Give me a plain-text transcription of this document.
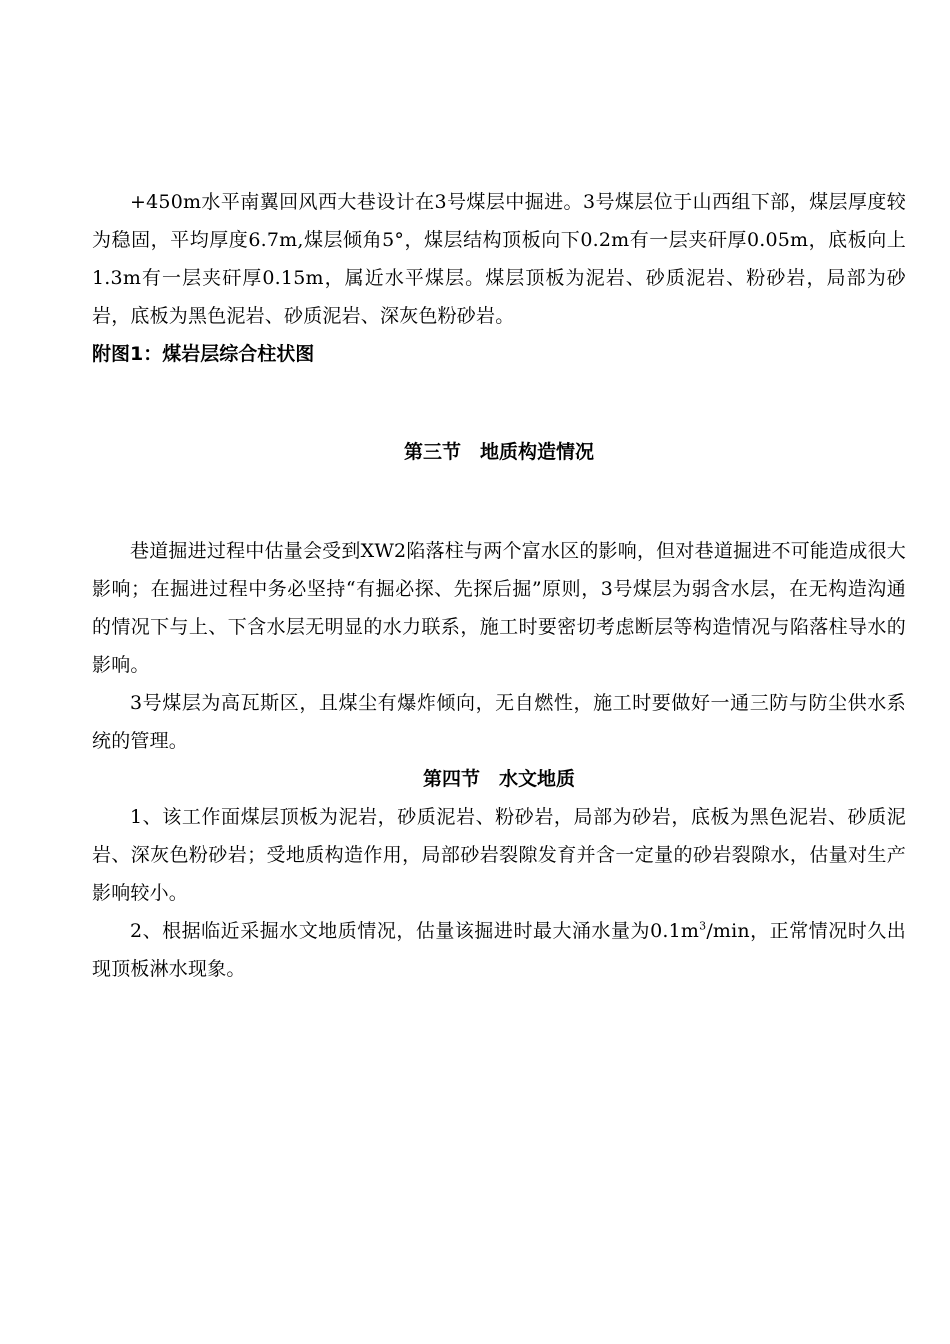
+450m水平南翼回风西大巷设计在3号煤层中掘进。3号煤层位于山西组下部，煤层厚度较为稳固，平均厚度6.7m,煤层倾角5°，煤层结构顶板向下0.2m有一层夹矸厚0.05m，底板向上1.3m有一层夹矸厚0.15m，属近水平煤层。煤层顶板为泥岩、砂质泥岩、粉砂岩，局部为砂岩，底板为黑色泥岩、砂质泥岩、深灰色粉砂岩。

附图1：煤岩层综合柱状图

第三节　地质构造情况

巷道掘进过程中估量会受到XW2陷落柱与两个富水区的影响，但对巷道掘进不可能造成很大影响；在掘进过程中务必坚持“有掘必探、先探后掘”原则，3号煤层为弱含水层，在无构造沟通的情况下与上、下含水层无明显的水力联系，施工时要密切考虑断层等构造情况与陷落柱导水的影响。

3号煤层为高瓦斯区，且煤尘有爆炸倾向，无自燃性，施工时要做好一通三防与防尘供水系统的管理。

第四节　水文地质

1、该工作面煤层顶板为泥岩，砂质泥岩、粉砂岩，局部为砂岩，底板为黑色泥岩、砂质泥岩、深灰色粉砂岩；受地质构造作用，局部砂岩裂隙发育并含一定量的砂岩裂隙水，估量对生产影响较小。

2、根据临近采掘水文地质情况，估量该掘进时最大涌水量为$0.1m^3/\min$，正常情况时久出现顶板淋水现象。
